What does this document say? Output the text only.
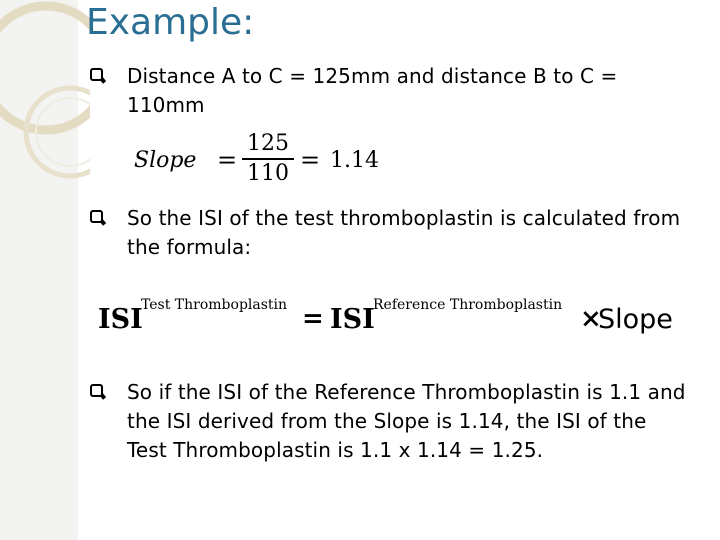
Example:
Distance A to C = 125mm and distance B to C = 110mm
Slope =
125
110 = 1.14
So the ISI of the test thromboplastin is calculated from the formula:
ISI
Test Thromboplastin = ISI
Reference Thromboplastin ×
Slope
So if the ISI of the Reference Thromboplastin is 1.1 and the ISI derived from the Slope is 1.14, the ISI of the Test Thromboplastin is 1.1 x 1.14 = 1.25.
